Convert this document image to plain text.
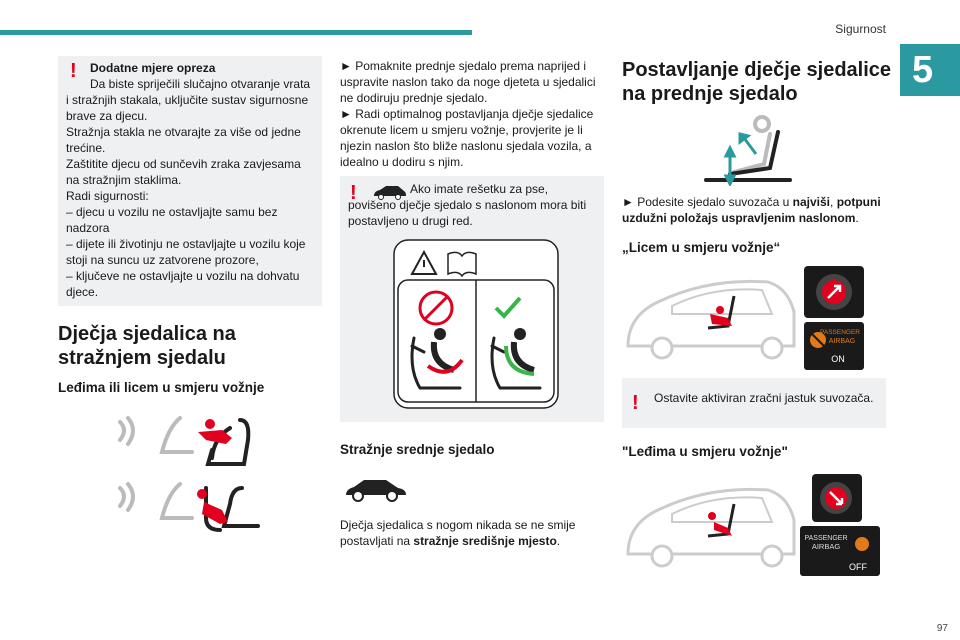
Sigurnost
5
97
! Dodatne mjere opreza

Da biste spriječili slučajno otvaranje vrata i stražnjih stakala, uključite sustav sigurnosne brave za djecu.

Stražnja stakla ne otvarajte za više od jedne trećine.

Zaštitite djecu od sunčevih zraka zavjesama na stražnjim staklima.

Radi sigurnosti:

– djecu u vozilu ne ostavljajte samu bez nadzora

– dijete ili životinju ne ostavljajte u vozilu koje stoji na suncu uz zatvorene prozore,

– ključeve ne ostavljajte u vozilu na dohvatu djece.

Dječja sjedalica na stražnjem sjedalu
Leđima ili licem u smjeru vožnje

► Pomaknite prednje sjedalo prema naprijed i uspravite naslon tako da noge djeteta u sjedalici ne dodiruju prednje sjedalo.

► Radi optimalnog postavljanja dječje sjedalice okrenute licem u smjeru vožnje, provjerite je li njezin naslon što bliže naslonu sjedala vozila, a idealno u dodiru s njim.

!	Ako imate rešetku za pse, povišeno dječje sjedalo s naslonom mora biti postavljeno u drugi red.
Stražnje srednje sjedalo
Dječja sjedalica s nogom nikada se ne smije postavljati na stražnje središnje mjesto.
Postavljanje dječje sjedalice na prednje sjedalo
► Podesite sjedalo suvozača u najviši, potpuni uzdužni položajs uspravljenim naslonom.
„Licem u smjeru vožnje“
PASSENGER
AIRBAG
ON
! Ostavite aktiviran zračni jastuk suvozača.
"Leđima u smjeru vožnje"
PASSENGER
AIRBAG
OFF
